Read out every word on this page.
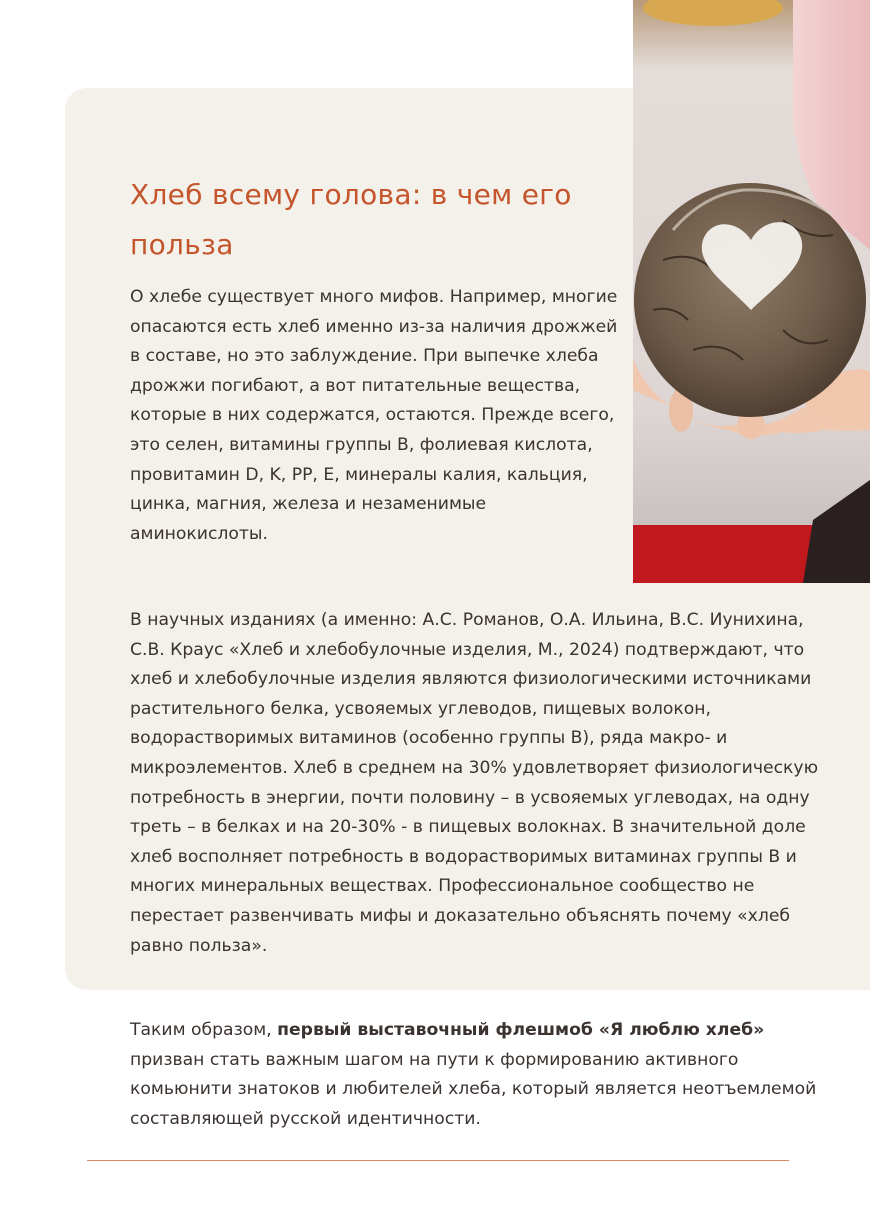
Хлеб всему голова: в чем его польза

О хлебе существует много мифов. Например, многие опасаются есть хлеб именно из-за наличия дрожжей в составе, но это заблуждение. При выпечке хлеба дрожжи погибают, а вот питательные вещества, которые в них содержатся, остаются. Прежде всего, это селен, витамины группы B, фолиевая кислота, провитамин D, K, PP, E, минералы калия, кальция, цинка, магния, железа и незаменимые аминокислоты.

В научных изданиях (а именно: А.С. Романов, О.А. Ильина, В.С. Иунихина, С.В. Краус «Хлеб и хлебобулочные изделия, М., 2024) подтверждают, что хлеб и хлебобулочные изделия являются физиологическими источниками растительного белка, усвояемых углеводов, пищевых волокон, водорастворимых витаминов (особенно группы В), ряда макро- и микроэлементов. Хлеб в среднем на 30% удовлетворяет физиологическую потребность в энергии, почти половину – в усвояемых углеводах, на одну треть – в белках и на 20-30% - в пищевых волокнах. В значительной доле хлеб восполняет потребность в водорастворимых витаминах группы B и многих минеральных веществах. Профессиональное сообщество не перестает развенчивать мифы и доказательно объяснять почему «хлеб равно польза».

Таким образом, первый выставочный флешмоб «Я люблю хлеб» призван стать важным шагом на пути к формированию активного комьюнити знатоков и любителей хлеба, который является неотъемлемой составляющей русской идентичности.
